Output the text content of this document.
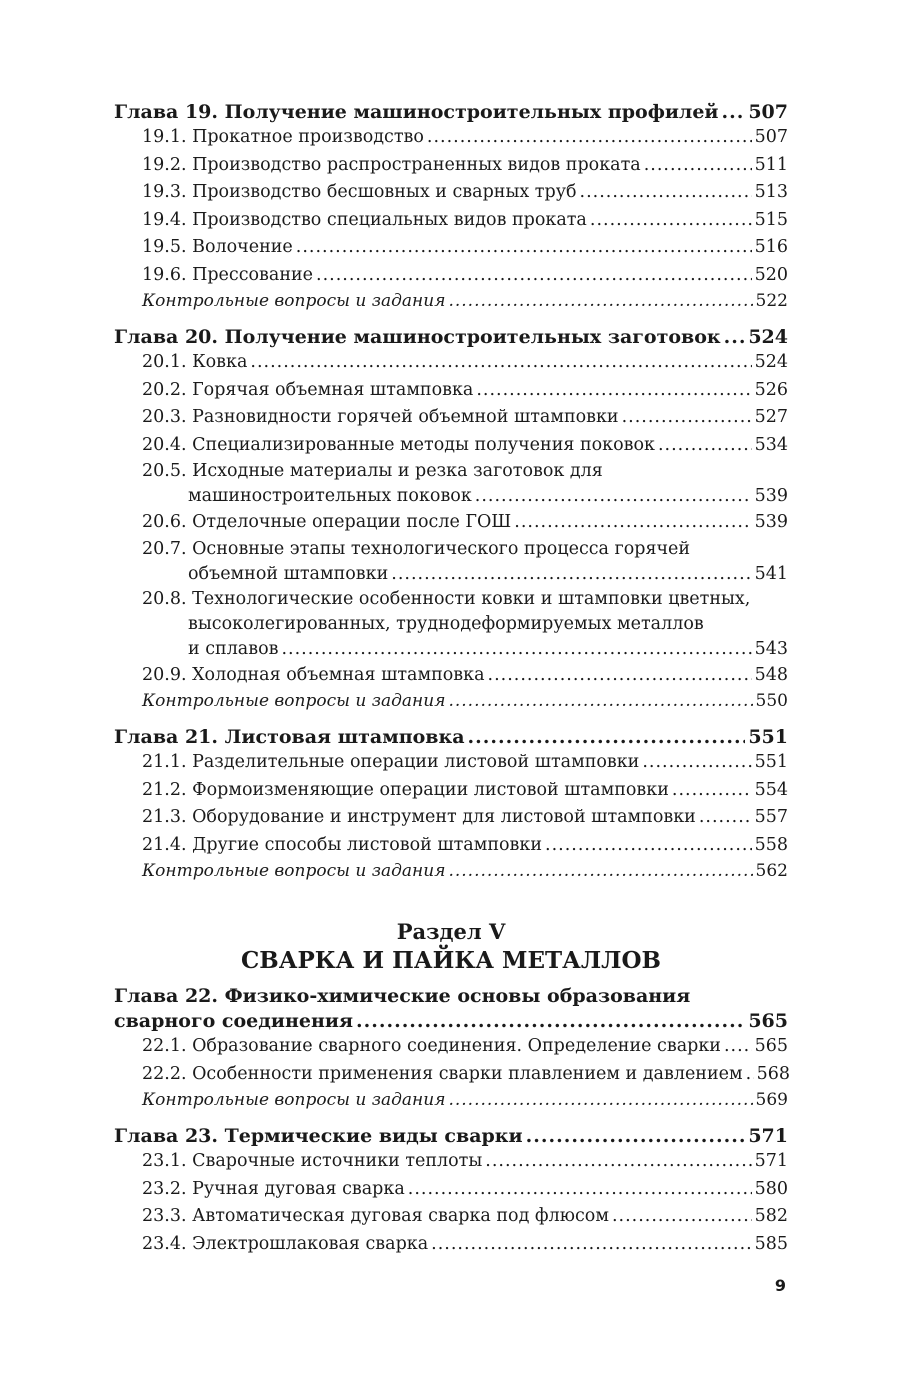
Глава 19. Получение машиностроительных профилей ..... 507
19.1. Прокатное производство .....	507
19.2. Производство распространенных видов проката .....	511
19.3. Производство бесшовных и сварных труб .....	513
19.4. Производство специальных видов проката .....	515
19.5. Волочение .....	516
19.6. Прессование .....	520
Контрольные вопросы и задания .....	522
Глава 20. Получение машиностроительных заготовок ..... 524
20.1. Ковка .....	524
20.2. Горячая объемная штамповка .....	526
20.3. Разновидности горячей объемной штамповки .....	527
20.4. Специализированные методы получения поковок .....	534
20.5. Исходные материалы и резка заготовок для
машиностроительных поковок .....	539
20.6. Отделочные операции после ГОШ .....	539
20.7. Основные этапы технологического процесса горячей
объемной штамповки .....	541
20.8. Технологические особенности ковки и штамповки цветных,
высоколегированных, труднодеформируемых металлов
и сплавов .....	543
20.9. Холодная объемная штамповка .....	548
Контрольные вопросы и задания .....	550
Глава 21. Листовая штамповка .....	551
21.1. Разделительные операции листовой штамповки .....	551
21.2. Формоизменяющие операции листовой штамповки .....	554
21.3. Оборудование и инструмент для листовой штамповки .....	557
21.4. Другие способы листовой штамповки .....	558
Контрольные вопросы и задания .....	562
Раздел V
СВАРКА И ПАЙКА МЕТАЛЛОВ
Глава 22. Физико-химические основы образования
сварного соединения .....	565
22.1. Образование сварного соединения. Определение сварки ..... 565
22.2. Особенности применения сварки плавлением и давлением ..... 568
Контрольные вопросы и задания .....	569
Глава 23. Термические виды сварки .....	571
23.1. Сварочные источники теплоты .....	571
23.2. Ручная дуговая сварка .....	580
23.3. Автоматическая дуговая сварка под флюсом .....	582
23.4. Электрошлаковая сварка .....	585
9
